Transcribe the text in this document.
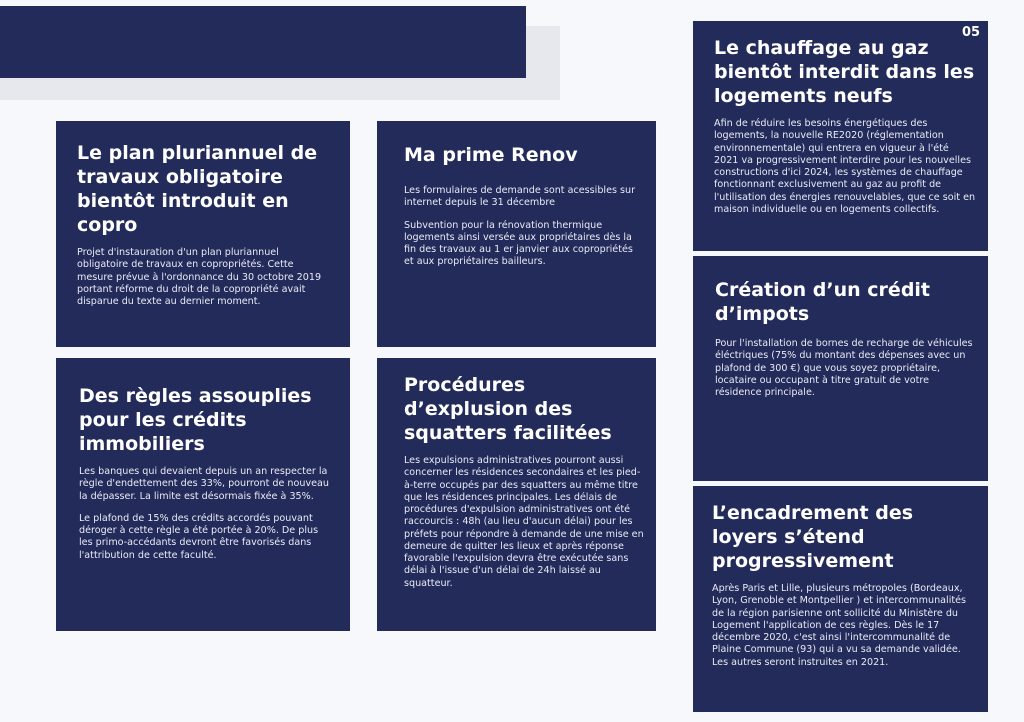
Le plan pluriannuel de travaux obligatoire bientôt introduit en copro

Projet d'instauration d'un plan pluriannuel obligatoire de travaux en copropriétés. Cette mesure prévue à l'ordonnance du 30 octobre 2019 portant réforme du droit de la copropriété avait disparue du texte au dernier moment.

Ma prime Renov

Les formulaires de demande sont acessibles sur internet depuis le 31 décembre

Subvention pour la rénovation thermique logements ainsi versée aux propriétaires dès la fin des travaux au 1 er janvier aux copropriétés et aux propriétaires bailleurs.

Des règles assouplies pour les crédits immobiliers

Les banques qui devaient depuis un an respecter la règle d'endettement des 33%, pourront de nouveau la dépasser. La limite est désormais fixée à 35%.

Le plafond de 15% des crédits accordés pouvant déroger à cette règle a été portée à 20%. De plus les primo-accédants devront être favorisés dans l'attribution de cette faculté.

Procédures d’explusion des squatters facilitées

Les expulsions administratives pourront aussi concerner les résidences secondaires et les pied-à-terre occupés par des squatters au même titre que les résidences principales. Les délais de procédures d'expulsion administratives ont été raccourcis : 48h (au lieu d'aucun délai) pour les préfets pour répondre à demande de une mise en demeure de quitter les lieux et après réponse favorable l'expulsion devra être exécutée sans délai à l'issue d'un délai de 24h laissé au squatteur.

Le chauffage au gaz bientôt interdit dans les logements neufs

Afin de réduire les besoins énergétiques des logements, la nouvelle RE2020 (réglementation environnementale) qui entrera en vigueur à l'été 2021 va progressivement interdire pour les nouvelles constructions d'ici 2024, les systèmes de chauffage fonctionnant exclusivement au gaz au profit de l'utilisation des énergies renouvelables, que ce soit en maison individuelle ou en logements collectifs.

Création d’un crédit d’impots

Pour l'installation de bornes de recharge de véhicules éléctriques (75% du montant des dépenses avec un plafond de 300 €) que vous soyez propriétaire, locataire ou occupant à titre gratuit de votre résidence principale.

L’encadrement des loyers s’étend progressivement

Après Paris et Lille, plusieurs métropoles (Bordeaux, Lyon, Grenoble et Montpellier ) et intercommunalités de la région parisienne ont sollicité du Ministère du Logement l'application de ces règles. Dès le 17 décembre 2020, c'est ainsi l'intercommunalité de Plaine Commune (93) qui a vu sa demande validée. Les autres seront instruites en 2021.

05
